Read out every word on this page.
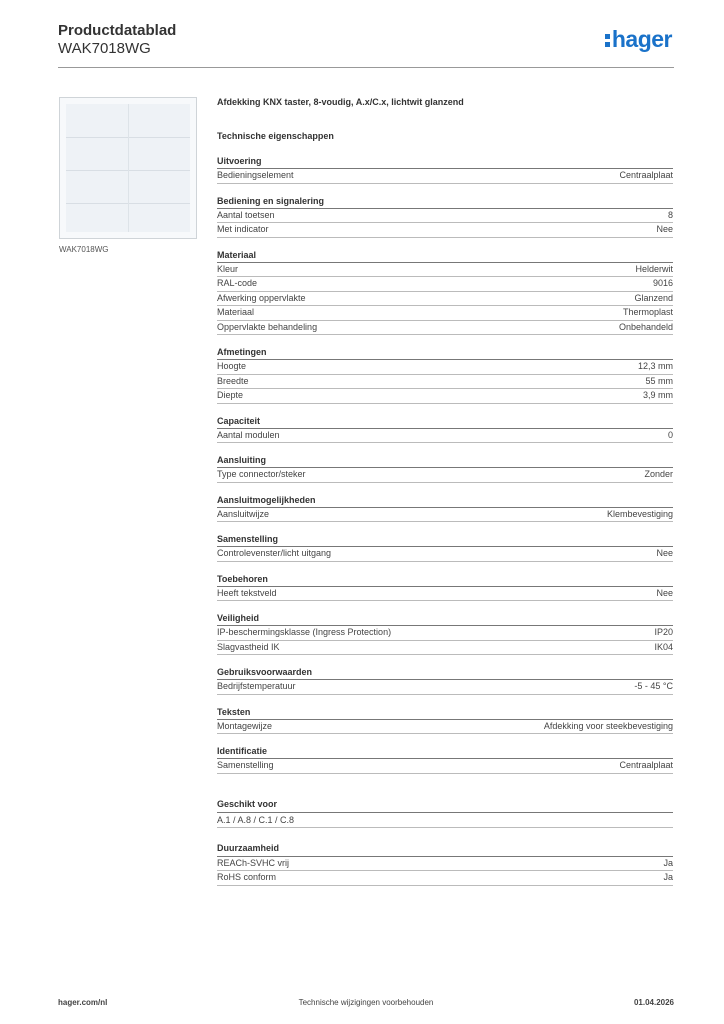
Productdatablad
WAK7018WG	hager
WAK7018WG
Afdekking KNX taster, 8-voudig, A.x/C.x, lichtwit glanzend
Technische eigenschappen
Uitvoering
Bedieningselement	Centraalplaat
Bediening en signalering
Aantal toetsen	8
Met indicator	Nee
Materiaal
Kleur	Helderwit
RAL-code	9016
Afwerking oppervlakte	Glanzend
Materiaal	Thermoplast
Oppervlakte behandeling	Onbehandeld
Afmetingen
Hoogte	12,3 mm
Breedte	55 mm
Diepte	3,9 mm
Capaciteit
Aantal modulen	0
Aansluiting
Type connector/steker	Zonder
Aansluitmogelijkheden
Aansluitwijze	Klembevestiging
Samenstelling
Controlevenster/licht uitgang	Nee
Toebehoren
Heeft tekstveld	Nee
Veiligheid
IP-beschermingsklasse (Ingress Protection)	IP20
Slagvastheid IK	IK04
Gebruiksvoorwaarden
Bedrijfstemperatuur	-5 - 45 °C
Teksten
Montagewijze	Afdekking voor steekbevestiging
Identificatie
Samenstelling	Centraalplaat
Geschikt voor
A.1 / A.8 / C.1 / C.8
Duurzaamheid
REACh-SVHC vrij	Ja
RoHS conform	Ja
hager.com/nl	Technische wijzigingen voorbehouden	01.04.2026
